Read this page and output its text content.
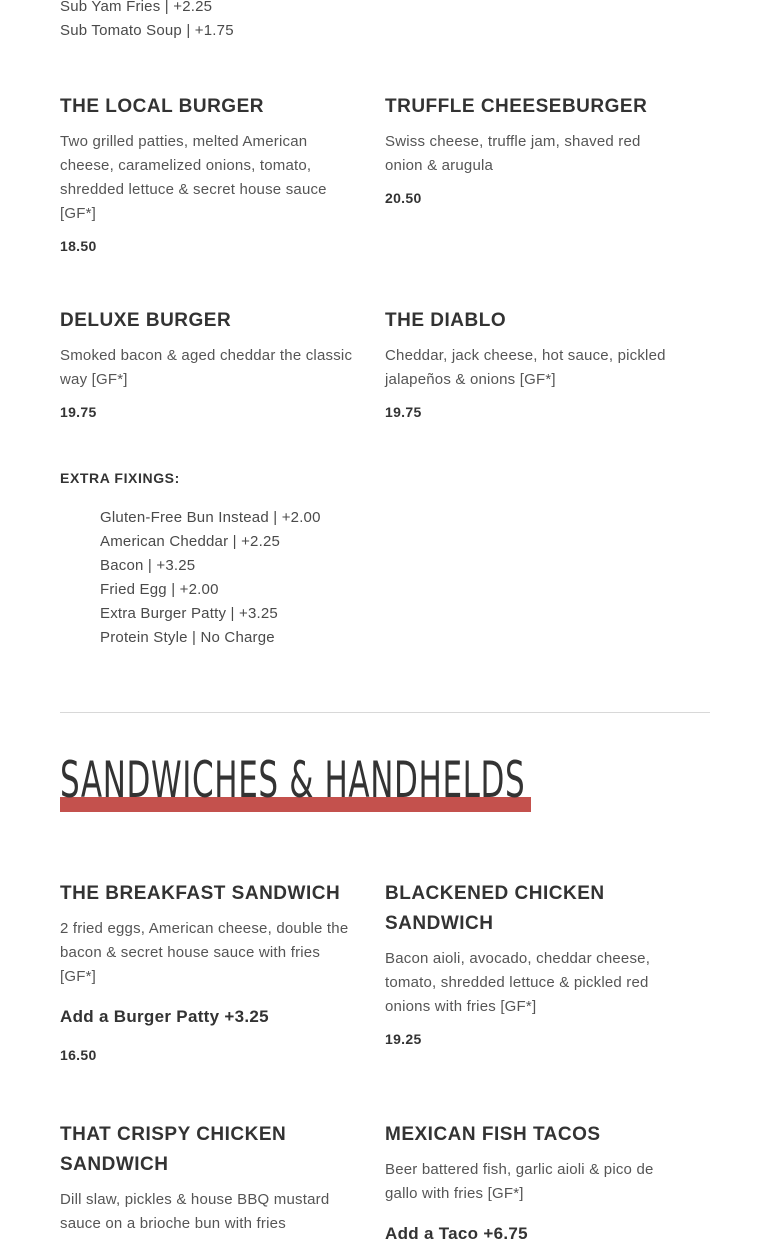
Sub Yam Fries | +2.25
Sub Tomato Soup | +1.75
THE LOCAL BURGER
Two grilled patties, melted American cheese, caramelized onions, tomato, shredded lettuce & secret house sauce [GF*]
18.50
TRUFFLE CHEESEBURGER
Swiss cheese, truffle jam, shaved red onion & arugula
20.50
DELUXE BURGER
Smoked bacon & aged cheddar the classic way [GF*]
19.75
THE DIABLO
Cheddar, jack cheese, hot sauce, pickled jalapeños & onions [GF*]
19.75
EXTRA FIXINGS:
Gluten-Free Bun Instead | +2.00
American Cheddar | +2.25
Bacon | +3.25
Fried Egg | +2.00
Extra Burger Patty | +3.25
Protein Style | No Charge
SANDWICHES & HANDHELDS
THE BREAKFAST SANDWICH
2 fried eggs, American cheese, double the bacon & secret house sauce with fries [GF*]
Add a Burger Patty +3.25
16.50
BLACKENED CHICKEN SANDWICH
Bacon aioli, avocado, cheddar cheese, tomato, shredded lettuce & pickled red onions with fries [GF*]
19.25
THAT CRISPY CHICKEN SANDWICH
Dill slaw, pickles & house BBQ mustard sauce on a brioche bun with fries
MEXICAN FISH TACOS
Beer battered fish, garlic aioli & pico de gallo with fries [GF*]
Add a Taco +6.75
